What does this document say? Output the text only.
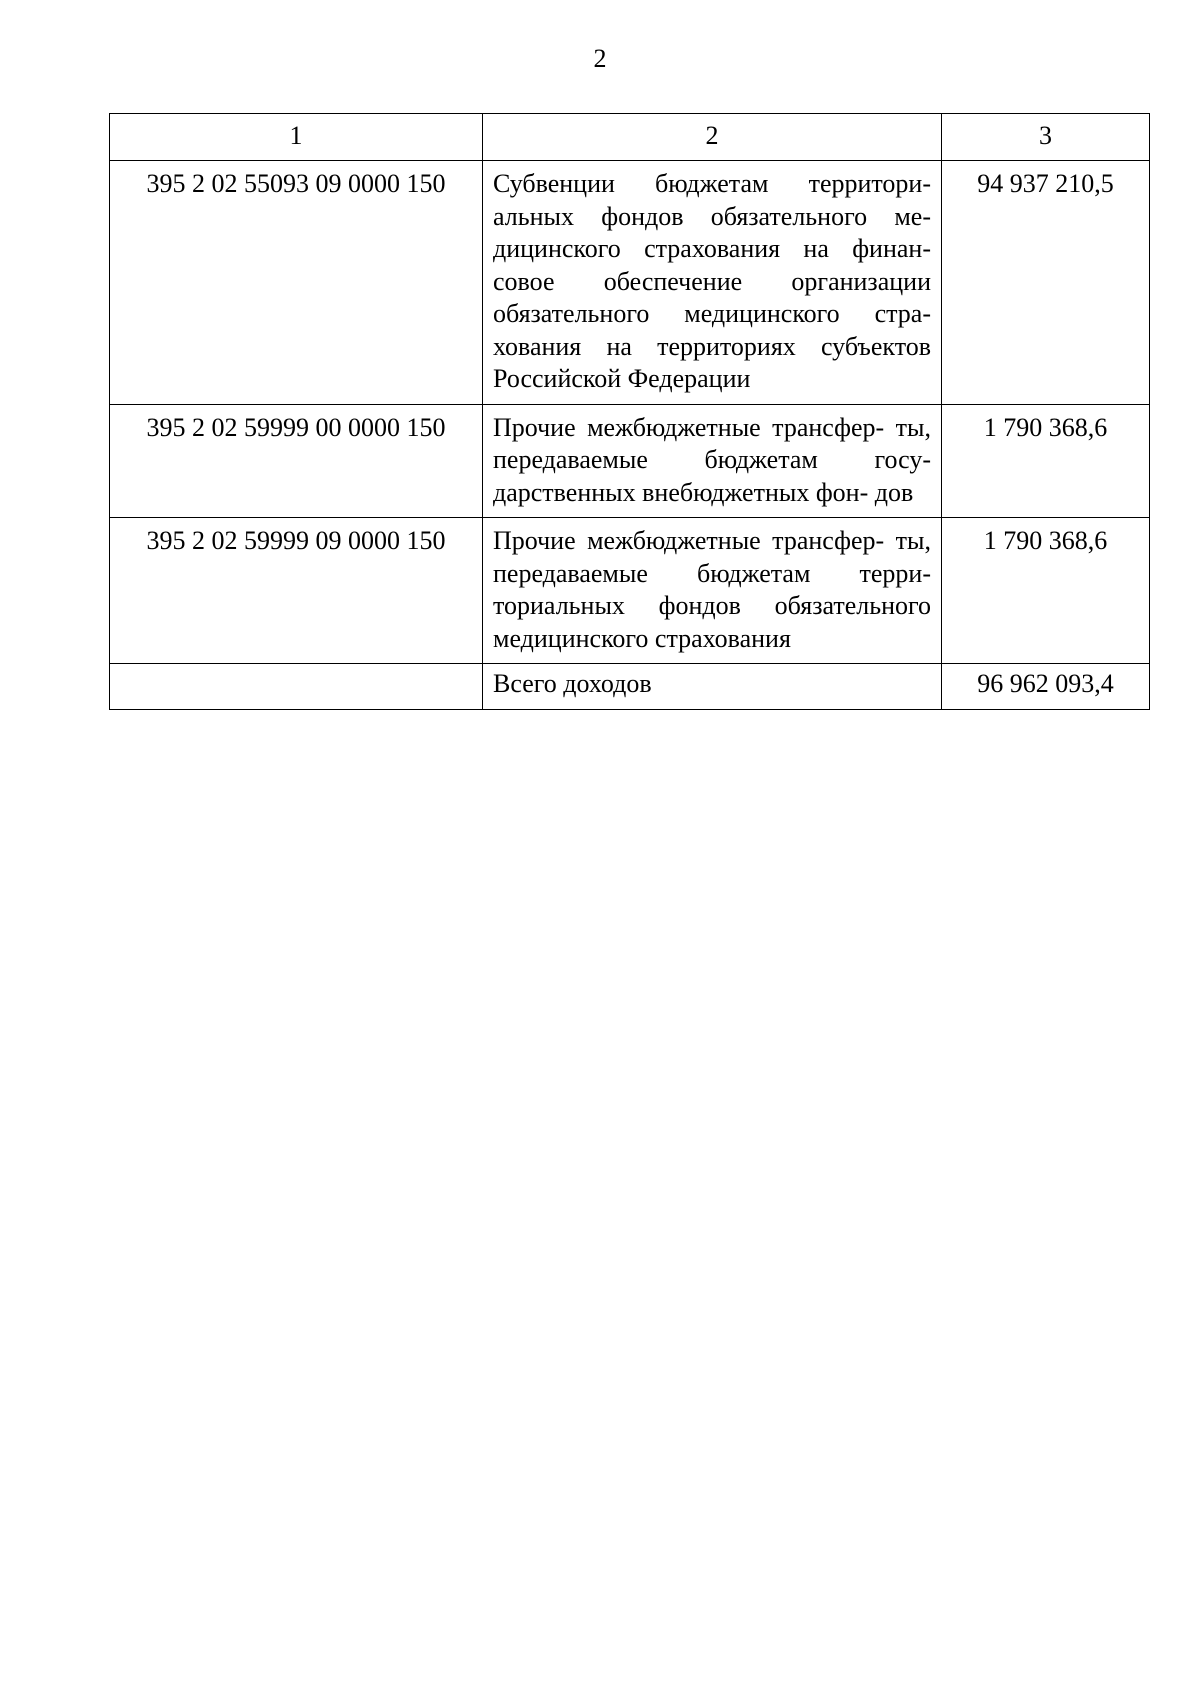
2
1	2	3
395 2 02 55093 09 0000 150	Субвенции бюджетам территори- альных фондов обязательного ме- дицинского страхования на финан- совое обеспечение организации обязательного медицинского стра- хования на территориях субъектов Российской Федерации	94 937 210,5
395 2 02 59999 00 0000 150	Прочие межбюджетные трансфер- ты, передаваемые бюджетам госу- дарственных внебюджетных фон- дов	1 790 368,6
395 2 02 59999 09 0000 150	Прочие межбюджетные трансфер- ты, передаваемые бюджетам терри- ториальных фондов обязательного медицинского страхования	1 790 368,6
	Всего доходов	96 962 093,4
